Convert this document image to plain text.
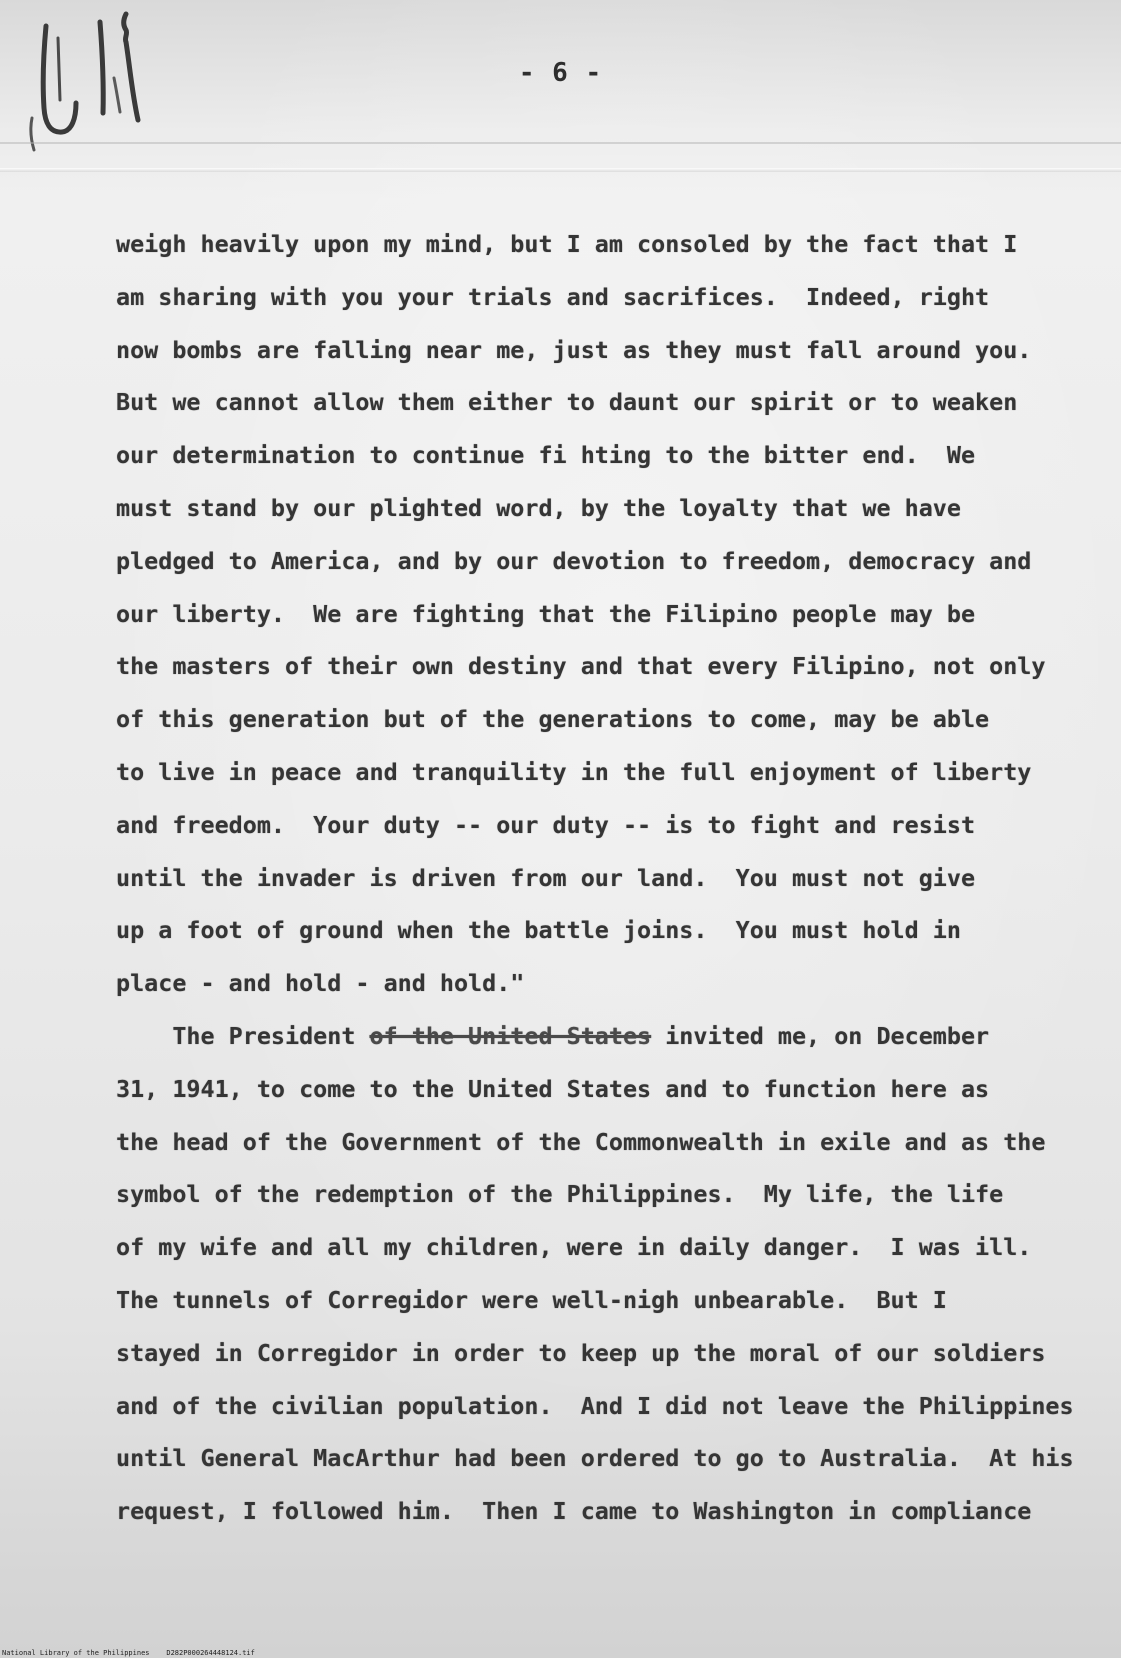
- 6 -
weigh heavily upon my mind, but I am consoled by the fact that I
am sharing with you your trials and sacrifices.  Indeed, right
now bombs are falling near me, just as they must fall around you.
But we cannot allow them either to daunt our spirit or to weaken
our determination to continue fi hting to the bitter end.  We
must stand by our plighted word, by the loyalty that we have
pledged to America, and by our devotion to freedom, democracy and
our liberty.  We are fighting that the Filipino people may be
the masters of their own destiny and that every Filipino, not only
of this generation but of the generations to come, may be able
to live in peace and tranquility in the full enjoyment of liberty
and freedom.  Your duty -- our duty -- is to fight and resist
until the invader is driven from our land.  You must not give
up a foot of ground when the battle joins.  You must hold in
place - and hold - and hold."
The President of the United States invited me, on December
31, 1941, to come to the United States and to function here as
the head of the Government of the Commonwealth in exile and as the
symbol of the redemption of the Philippines.  My life, the life
of my wife and all my children, were in daily danger.  I was ill.
The tunnels of Corregidor were well-nigh unbearable.  But I
stayed in Corregidor in order to keep up the moral of our soldiers
and of the civilian population.  And I did not leave the Philippines
until General MacArthur had been ordered to go to Australia.  At his
request, I followed him.  Then I came to Washington in compliance
National Library of the Philippines    D282P000264448124.tif
